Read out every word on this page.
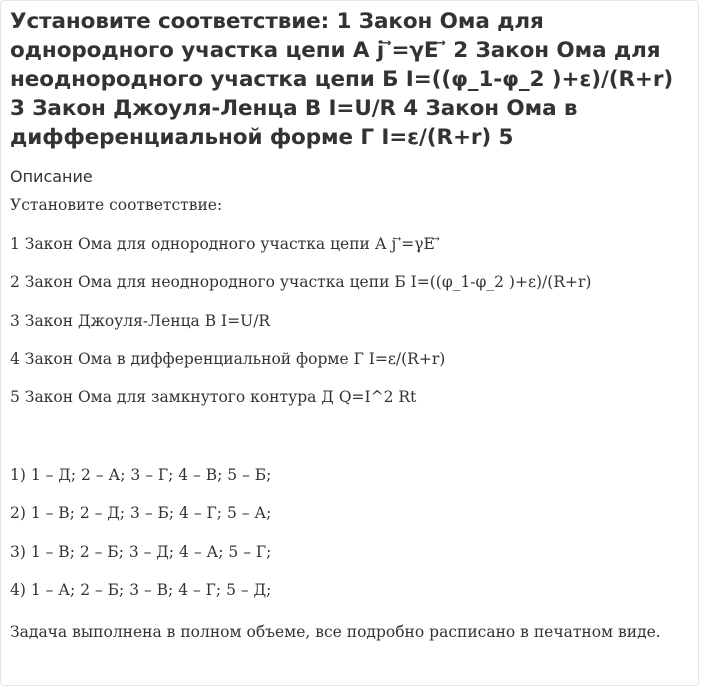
Установите соответствие: 1 Закон Ома для однородного участка цепи А j ⃗=γE ⃗ 2 Закон Ома для неоднородного участка цепи Б I=((φ_1-φ_2 )+ε)/(R+r) 3 Закон Джоуля-Ленца В I=U/R 4 Закон Ома в дифференциальной форме Г I=ε/(R+r) 5
Описание
Установите соответствие:
1 Закон Ома для однородного участка цепи А j ⃗=γE ⃗
2 Закон Ома для неоднородного участка цепи Б I=((φ_1-φ_2 )+ε)/(R+r)
3 Закон Джоуля-Ленца В I=U/R
4 Закон Ома в дифференциальной форме Г I=ε/(R+r)
5 Закон Ома для замкнутого контура Д Q=I^2 Rt
1) 1 – Д; 2 – А; 3 – Г; 4 – В; 5 – Б;
2) 1 – В; 2 – Д; 3 – Б; 4 – Г; 5 – А;
3) 1 – В; 2 – Б; 3 – Д; 4 – А; 5 – Г;
4) 1 – А; 2 – Б; 3 – В; 4 – Г; 5 – Д;
Задача выполнена в полном объеме, все подробно расписано в печатном виде.
